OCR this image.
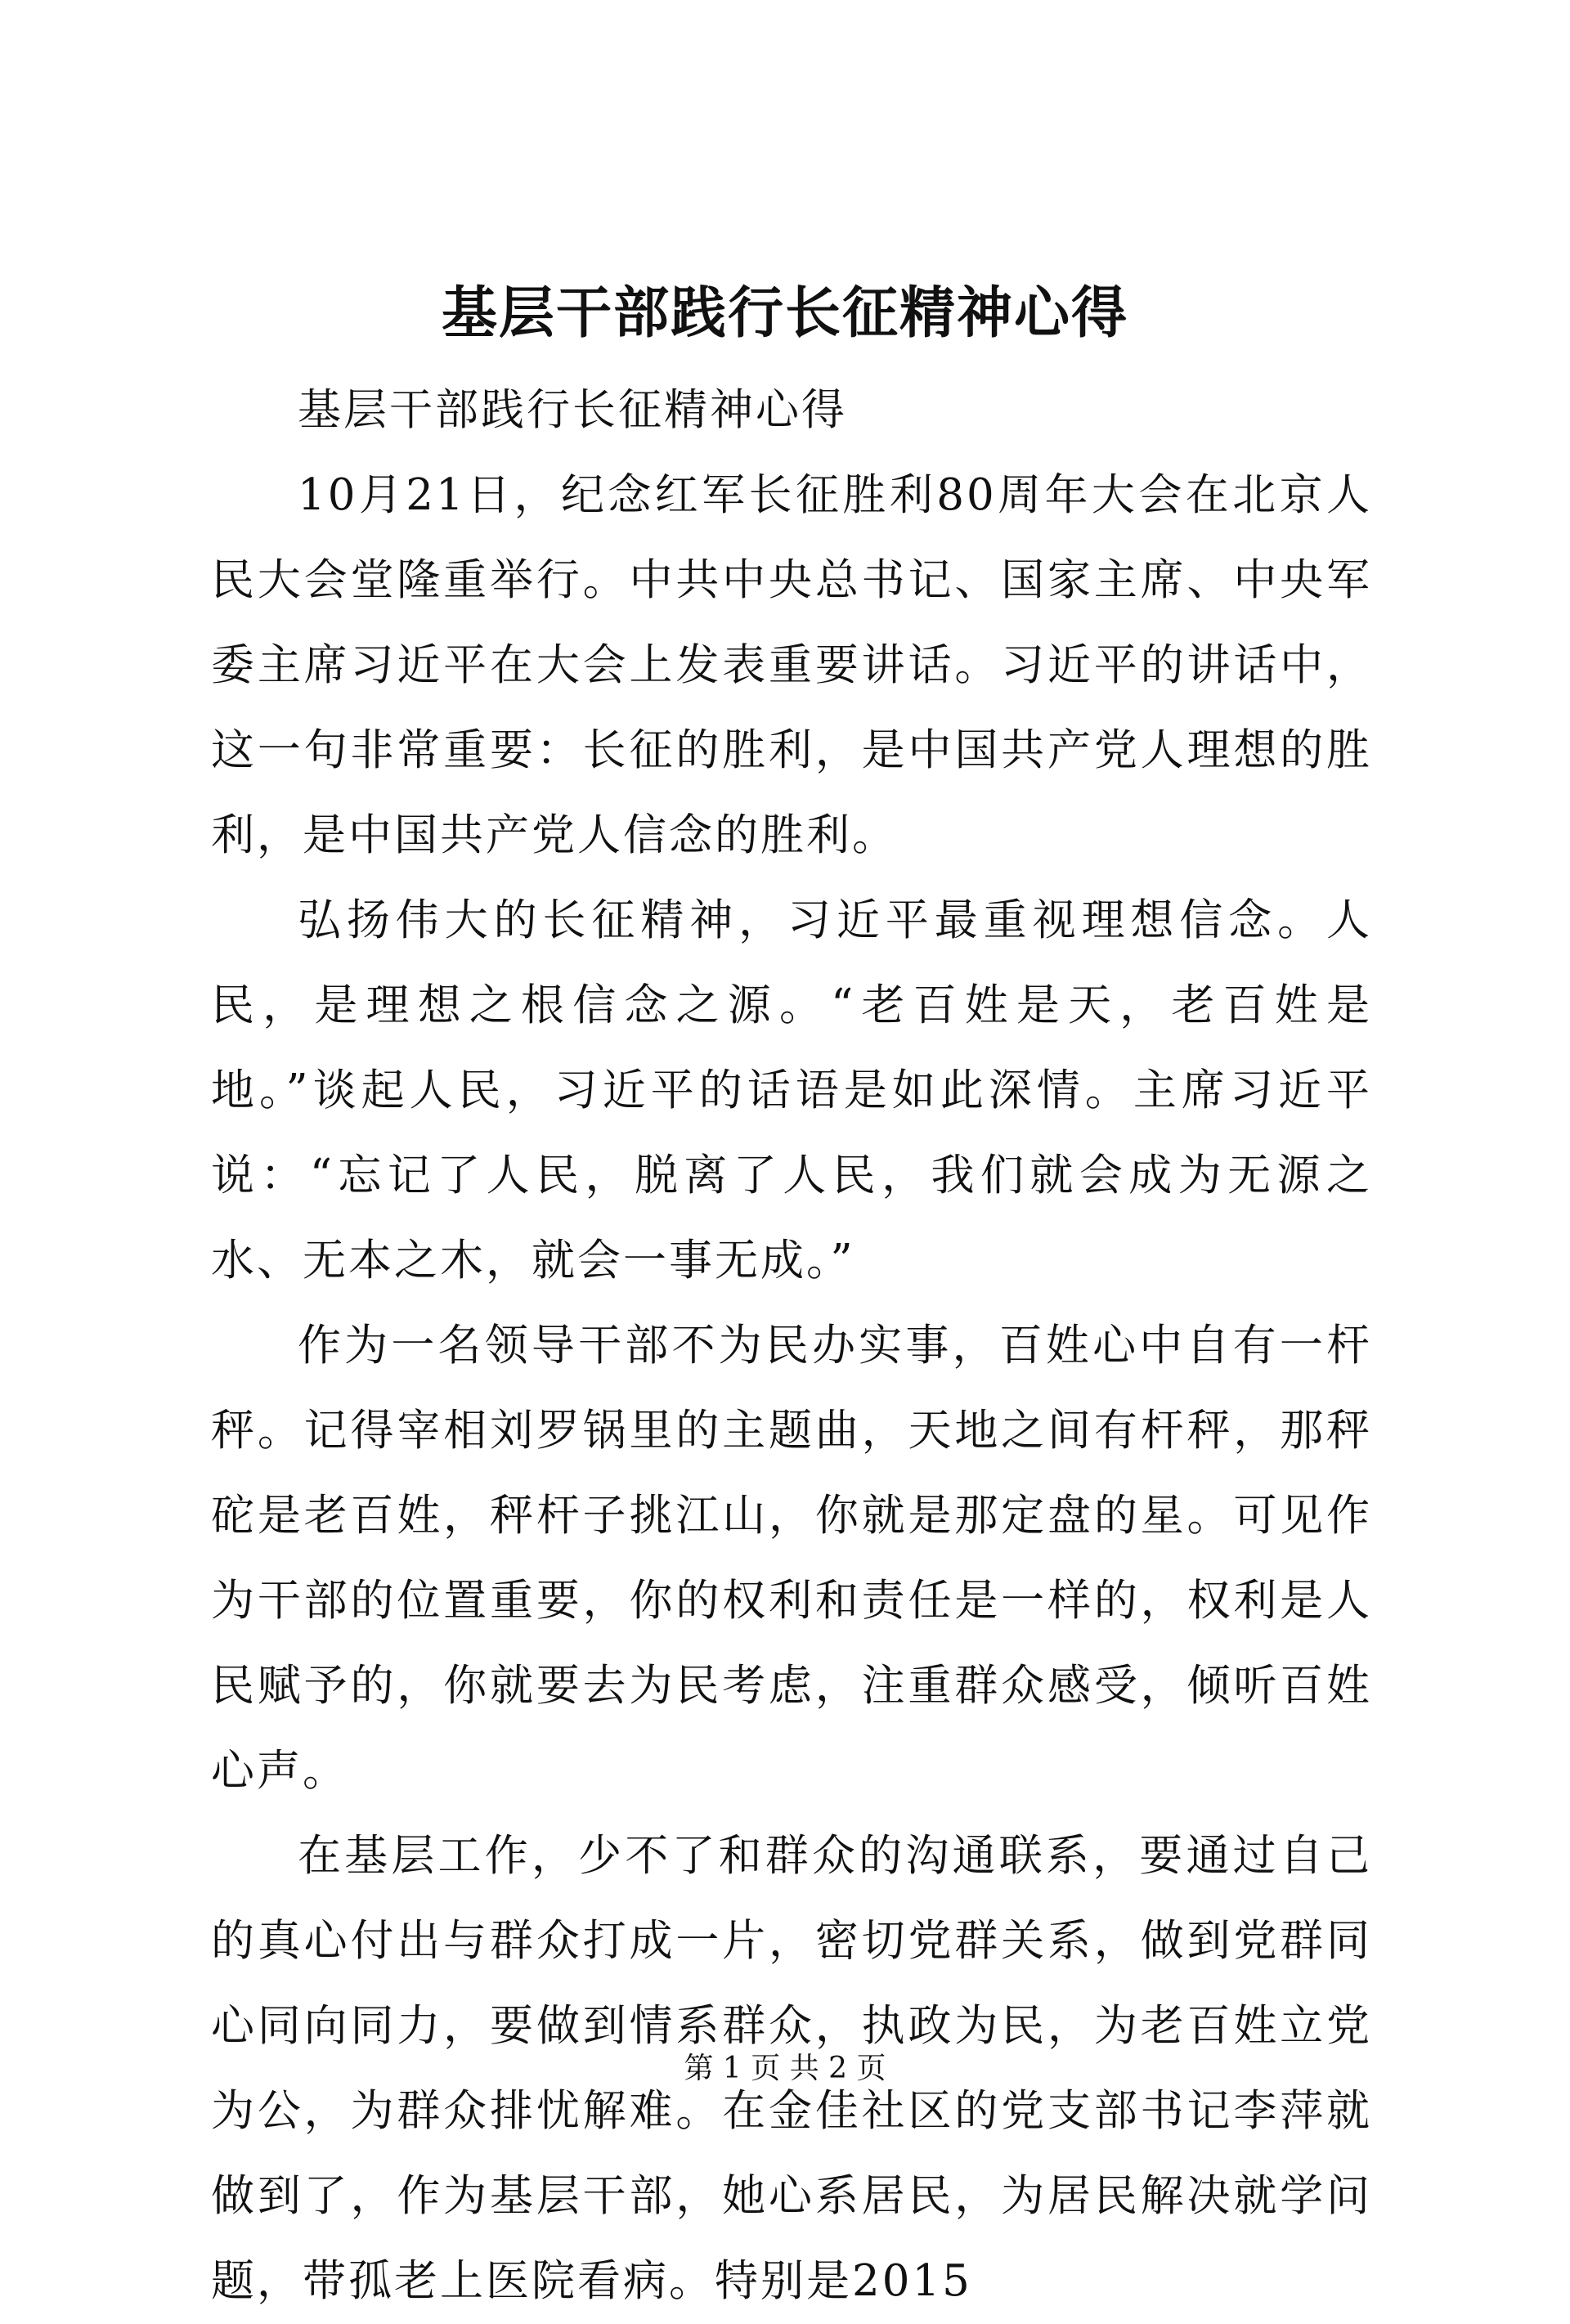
基层干部践行长征精神心得

基层干部践行长征精神心得

10月21日，纪念红军长征胜利80周年大会在北京人民大会堂隆重举行。中共中央总书记、国家主席、中央军委主席习近平在大会上发表重要讲话。习近平的讲话中，这一句非常重要：长征的胜利，是中国共产党人理想的胜利，是中国共产党人信念的胜利。

弘扬伟大的长征精神，习近平最重视理想信念。人民，是理想之根信念之源。“老百姓是天，老百姓是地。”谈起人民，习近平的话语是如此深情。主席习近平说：“忘记了人民，脱离了人民，我们就会成为无源之水、无本之木，就会一事无成。”

作为一名领导干部不为民办实事，百姓心中自有一杆秤。记得宰相刘罗锅里的主题曲，天地之间有杆秤，那秤砣是老百姓，秤杆子挑江山，你就是那定盘的星。可见作为干部的位置重要，你的权利和责任是一样的，权利是人民赋予的，你就要去为民考虑，注重群众感受，倾听百姓心声。

在基层工作，少不了和群众的沟通联系，要通过自己的真心付出与群众打成一片，密切党群关系，做到党群同心同向同力，要做到情系群众，执政为民，为老百姓立党为公，为群众排忧解难。在金佳社区的党支部书记李萍就做到了，作为基层干部，她心系居民，为居民解决就学问题，带孤老上医院看病。特别是2015

第 1 页 共 2 页
